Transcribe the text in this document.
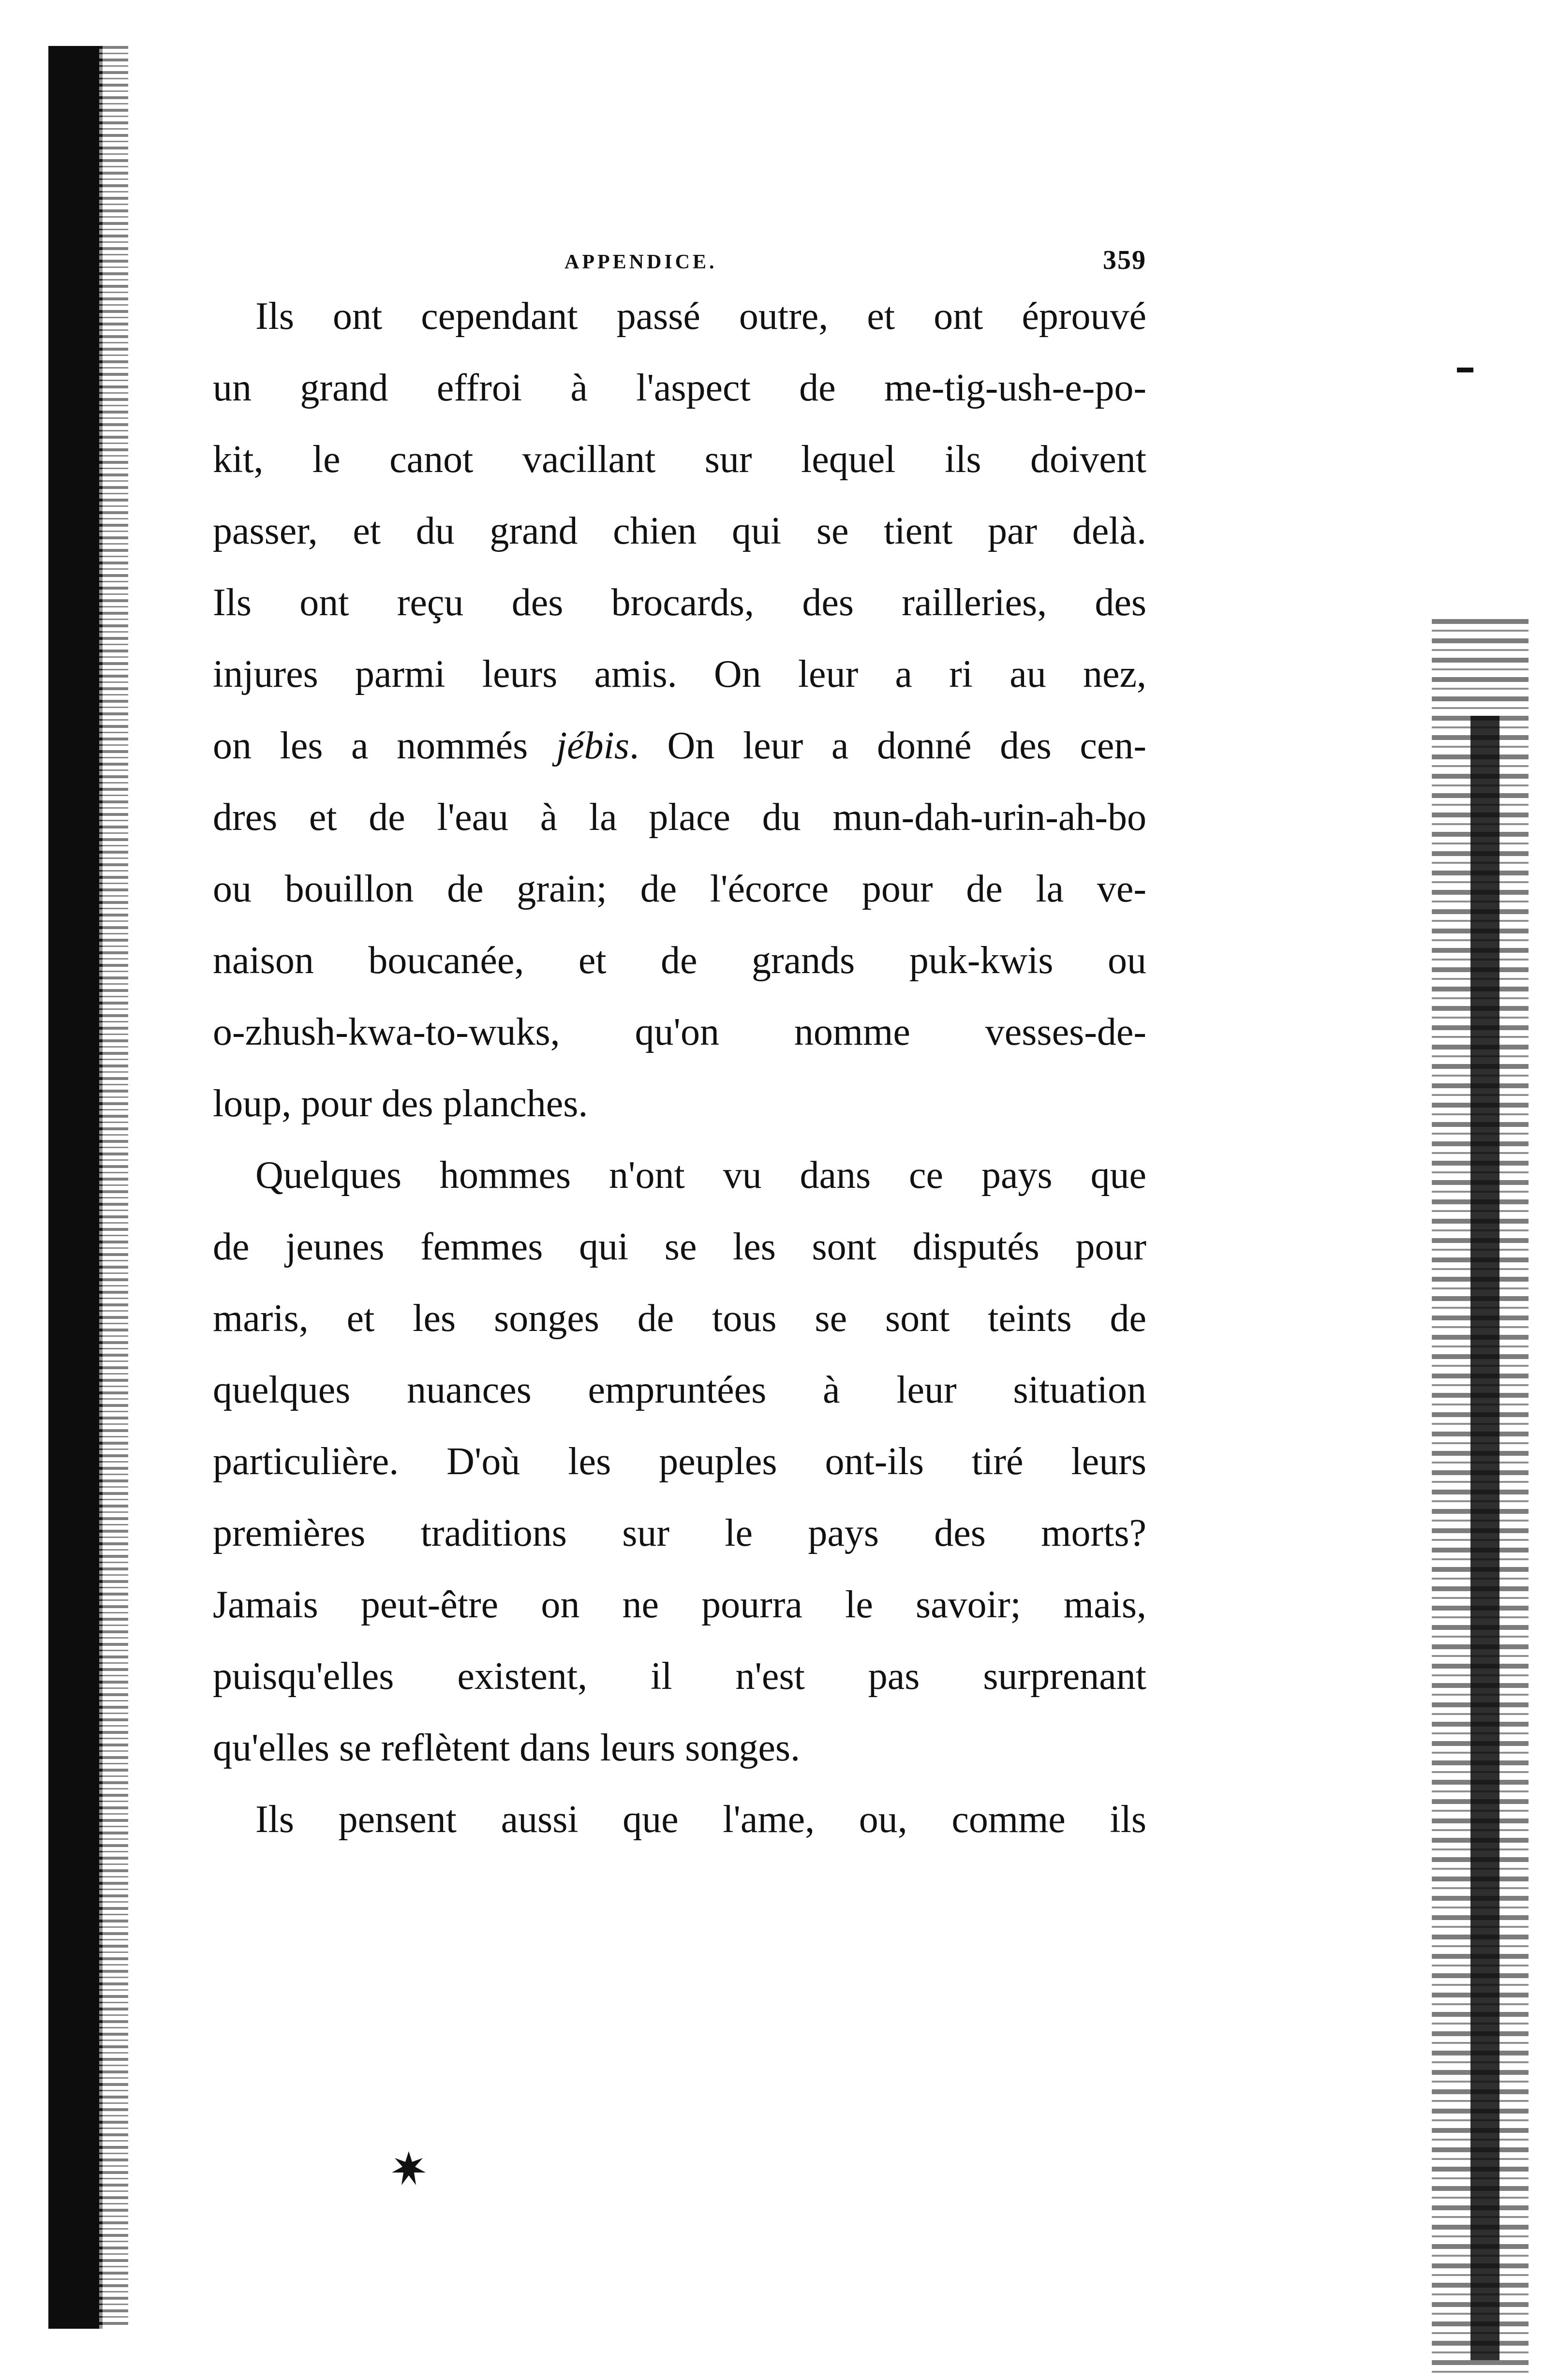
APPENDICE.	359
Ils ont cependant passé outre, et ont éprouvé
un grand effroi à l'aspect de me-tig-ush-e-po-
kit, le canot vacillant sur lequel ils doivent
passer, et du grand chien qui se tient par delà.
Ils ont reçu des brocards, des railleries, des
injures parmi leurs amis. On leur a ri au nez,
on les a nommés jébis. On leur a donné des cen-
dres et de l'eau à la place du mun-dah-urin-ah-bo
ou bouillon de grain; de l'écorce pour de la ve-
naison boucanée, et de grands puk-kwis ou
o-zhush-kwa-to-wuks, qu'on nomme vesses-de-
loup, pour des planches.
Quelques hommes n'ont vu dans ce pays que
de jeunes femmes qui se les sont disputés pour
maris, et les songes de tous se sont teints de
quelques nuances empruntées à leur situation
particulière. D'où les peuples ont-ils tiré leurs
premières traditions sur le pays des morts?
Jamais peut-être on ne pourra le savoir; mais,
puisqu'elles existent, il n'est pas surprenant
qu'elles se reflètent dans leurs songes.
Ils pensent aussi que l'ame, ou, comme ils
